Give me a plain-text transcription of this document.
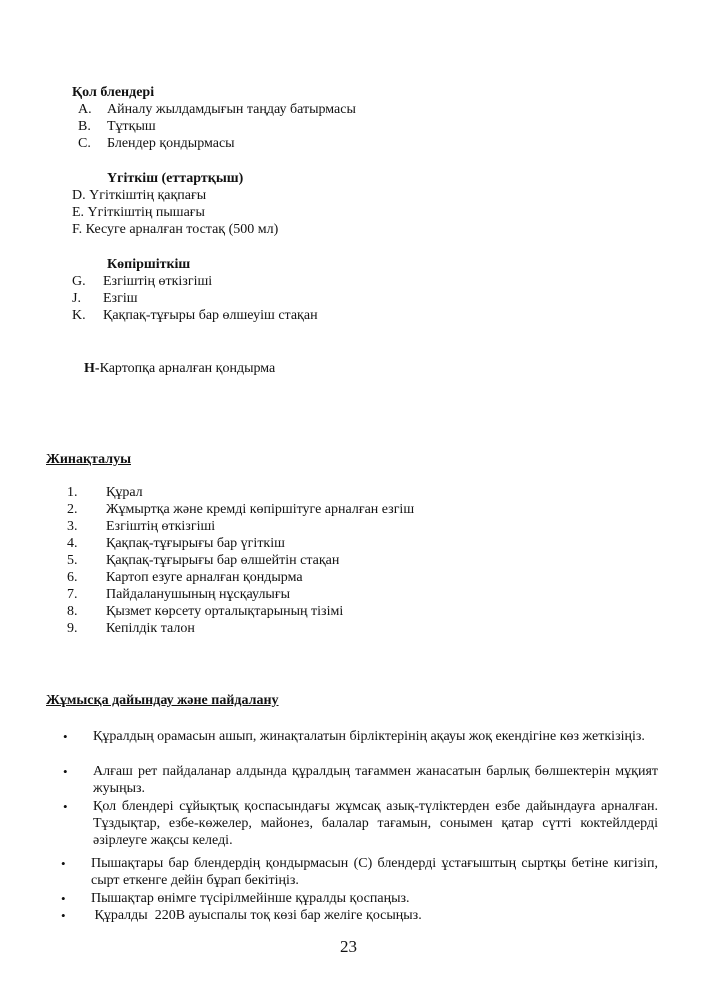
Қол блендері
A. Айналу жылдамдығын таңдау батырмасы
B. Тұтқыш
C. Блендер қондырмасы
Үгіткіш (еттартқыш)
D. Үгіткіштің қақпағы
E. Үгіткіштің пышағы
F. Кесуге арналған тостақ (500 мл)
Көпіршіткіш
G. Езгіштің өткізгіші
J. Езгіш
K. Қақпақ-тұғыры бар өлшеуіш стақан
H-Картопқа арналған қондырма
Жинақталуы
1. Құрал
2. Жұмыртқа және кремді көпіршітуге арналған езгіш
3. Езгіштің өткізгіші
4. Қақпақ-тұғырығы бар үгіткіш
5. Қақпақ-тұғырығы бар өлшейтін стақан
6. Картоп езуге арналған қондырма
7. Пайдаланушының нұсқаулығы
8. Қызмет көрсету орталықтарының тізімі
9. Кепілдік талон
Жұмысқа дайындау және пайдалану
• Құралдың орамасын ашып, жинақталатын бірліктерінің ақауы жоқ екендігіне көз жеткізіңіз.
• Алғаш рет пайдаланар алдында құралдың тағаммен жанасатын барлық бөлшектерін мұқият жуыңыз.
• Қол блендері сұйықтық қоспасындағы жұмсақ азық-түліктерден езбе дайындауға арналған. Тұздықтар, езбе-көжелер, майонез, балалар тағамын, сонымен қатар сүтті коктейлдерді әзірлеуге жақсы келеді.
• Пышақтары бар блендердің қондырмасын (С) блендерді ұстағыштың сыртқы бетіне кигізіп, сырт еткенге дейін бұрап бекітіңіз.
• Пышақтар өнімге түсірілмейінше құралды қоспаңыз.
• Құралды  220В ауыспалы тоқ көзі бар желіге қосыңыз.
23
